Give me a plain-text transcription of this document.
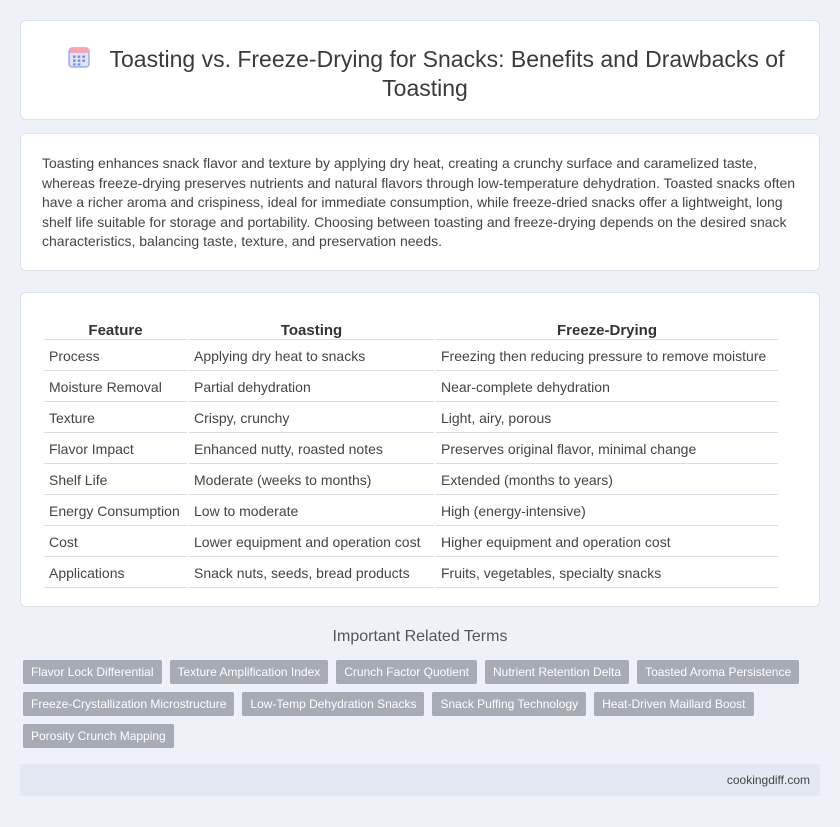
Toasting vs. Freeze-Drying for Snacks: Benefits and Drawbacks of Toasting

Toasting enhances snack flavor and texture by applying dry heat, creating a crunchy surface and caramelized taste, whereas freeze-drying preserves nutrients and natural flavors through low-temperature dehydration. Toasted snacks often have a richer aroma and crispiness, ideal for immediate consumption, while freeze-dried snacks offer a lightweight, long shelf life suitable for storage and portability. Choosing between toasting and freeze-drying depends on the desired snack characteristics, balancing taste, texture, and preservation needs.

Feature	Toasting	Freeze-Drying
Process	Applying dry heat to snacks	Freezing then reducing pressure to remove moisture
Moisture Removal	Partial dehydration	Near-complete dehydration
Texture	Crispy, crunchy	Light, airy, porous
Flavor Impact	Enhanced nutty, roasted notes	Preserves original flavor, minimal change
Shelf Life	Moderate (weeks to months)	Extended (months to years)
Energy Consumption	Low to moderate	High (energy-intensive)
Cost	Lower equipment and operation cost	Higher equipment and operation cost
Applications	Snack nuts, seeds, bread products	Fruits, vegetables, specialty snacks
Important Related Terms
Flavor Lock Differential	Texture Amplification Index	Crunch Factor Quotient	Nutrient Retention Delta	Toasted Aroma Persistence
Freeze-Crystallization Microstructure	Low-Temp Dehydration Snacks	Snack Puffing Technology	Heat-Driven Maillard Boost
Porosity Crunch Mapping
cookingdiff.com
